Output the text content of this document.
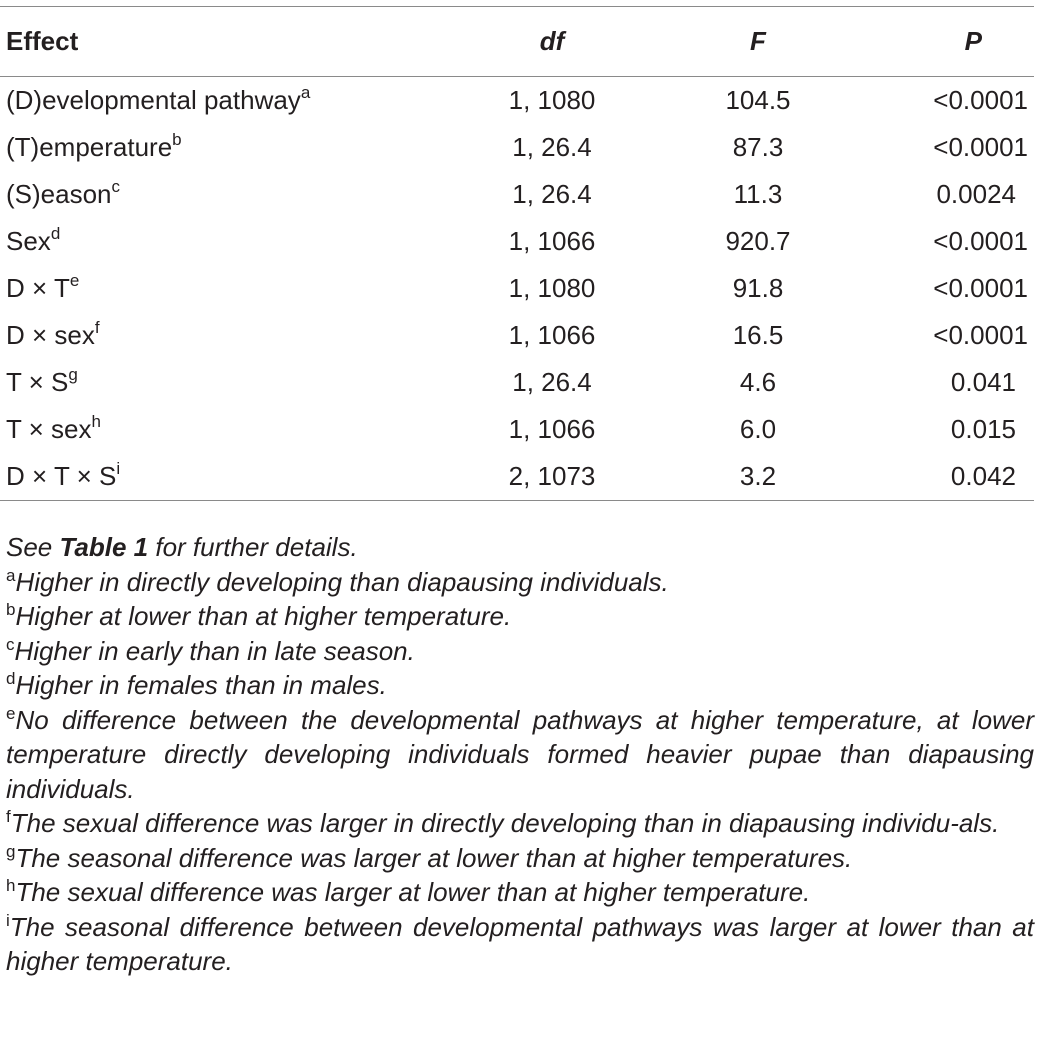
Effect	df	F	P
(D)evelopmental pathway$^a$	1, 1080	104.5	<0.0001
(T)emperature$^b$	1, 26.4	87.3	<0.0001
(S)eason$^c$	1, 26.4	11.3	0.0024
Sex$^d$	1, 1066	920.7	<0.0001
$D \times T^e$	1, 1080	91.8	<0.0001
D × sex$^f$	1, 1066	16.5	<0.0001
$T \times S^g$	1, 26.4	4.6	0.041
T × sex$^h$	1, 1066	6.0	0.015
$D \times T \times S^i$	2, 1073	3.2	0.042

See Table 1 for further details.

$^a$Higher in directly developing than diapausing individuals.

$^b$Higher at lower than at higher temperature.

$^c$Higher in early than in late season.

$^d$Higher in females than in males.

$^e$No difference between the developmental pathways at higher temperature, at lower temperature directly developing individuals formed heavier pupae than diapausing individuals.

$^f$The sexual difference was larger in directly developing than in diapausing individu-als.

$^g$The seasonal difference was larger at lower than at higher temperatures.

$^h$The sexual difference was larger at lower than at higher temperature.

$^i$The seasonal difference between developmental pathways was larger at lower than at higher temperature.
